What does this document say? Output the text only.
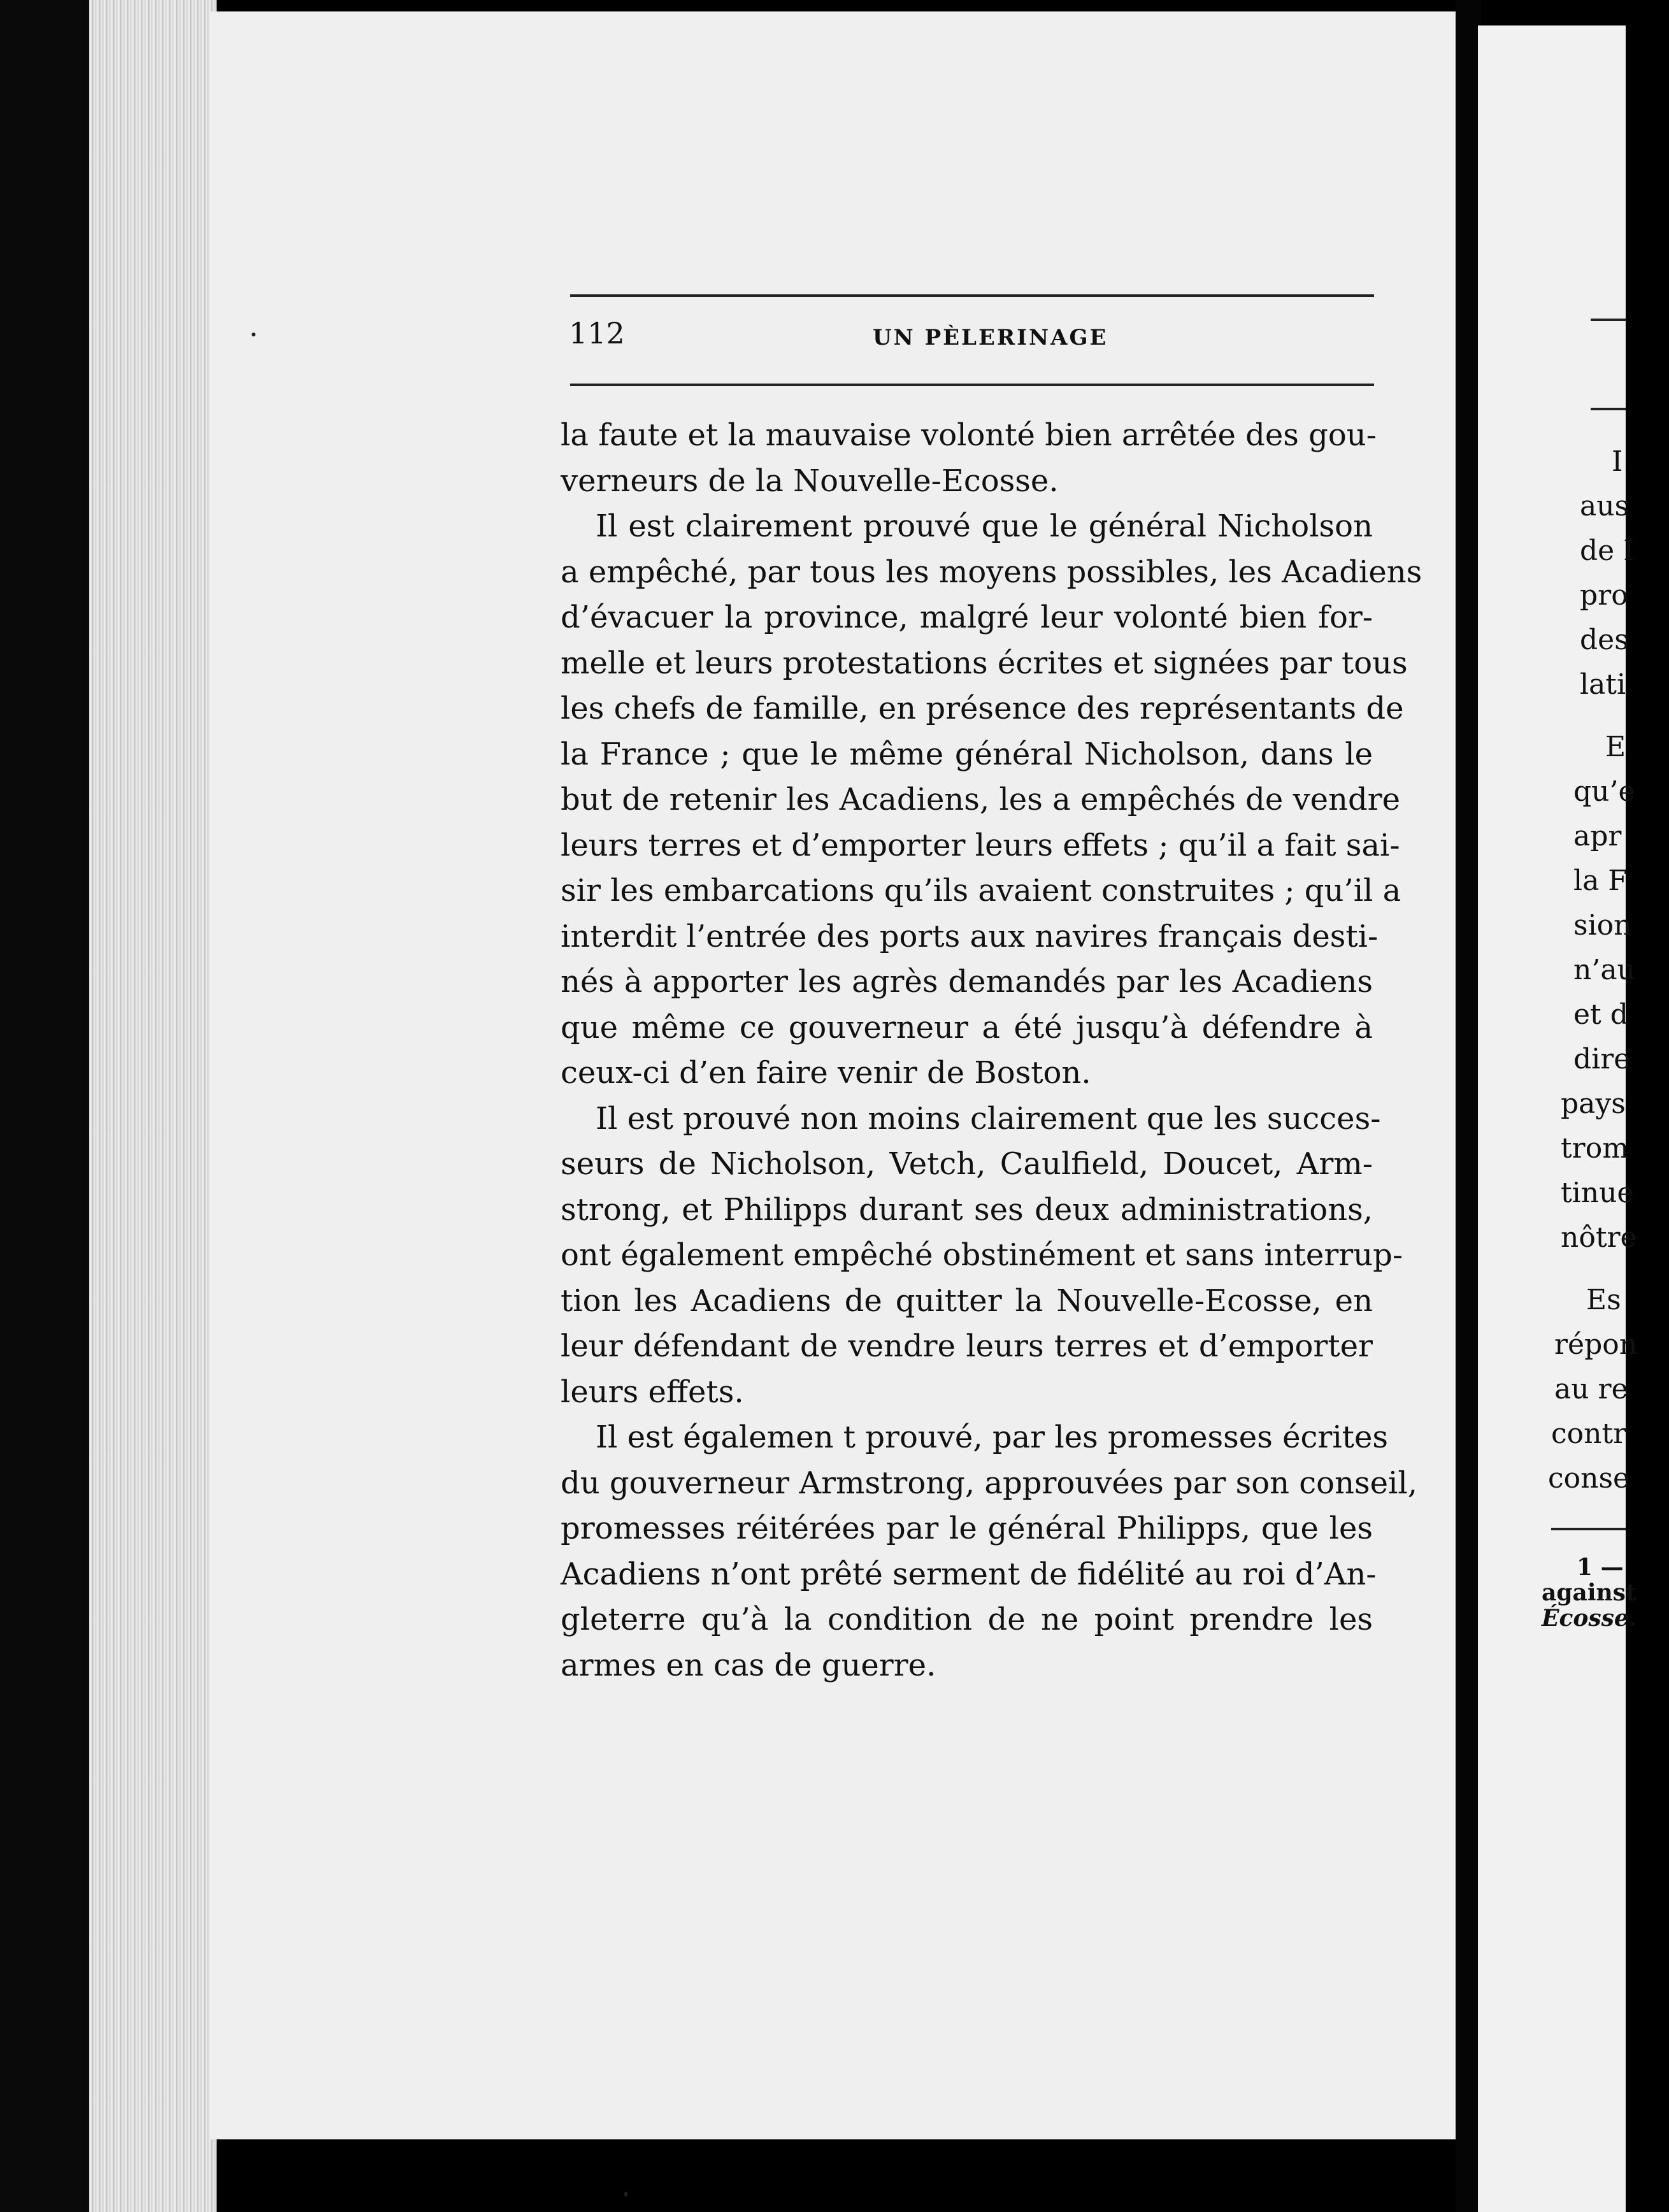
112	UN PÈLERINAGE
la faute et la mauvaise volonté bien arrêtée des gou-
verneurs de la Nouvelle-Ecosse.
Il est clairement prouvé que le général Nicholson
a empêché, par tous les moyens possibles, les Acadiens
d’évacuer la province, malgré leur volonté bien for-
melle et leurs protestations écrites et signées par tous
les chefs de famille, en présence des représentants de
la France ; que le même général Nicholson, dans le
but de retenir les Acadiens, les a empêchés de vendre
leurs terres et d’emporter leurs effets ; qu’il a fait sai-
sir les embarcations qu’ils avaient construites ; qu’il a
interdit l’entrée des ports aux navires français desti-
nés à apporter les agrès demandés par les Acadiens
que même ce gouverneur a été jusqu’à défendre à
ceux-ci d’en faire venir de Boston.
Il est prouvé non moins clairement que les succes-
seurs de Nicholson, Vetch, Caulfield, Doucet, Arm-
strong, et Philipps durant ses deux administrations,
ont également empêché obstinément et sans interrup-
tion les Acadiens de quitter la Nouvelle-Ecosse, en
leur défendant de vendre leurs terres et d’emporter
leurs effets.
Il est égalemen t prouvé, par les promesses écrites
du gouverneur Armstrong, approuvées par son conseil,
promesses réitérées par le général Philipps, que les
Acadiens n’ont prêté serment de fidélité au roi d’An-
gleterre qu’à la condition de ne point prendre les
armes en cas de guerre.
I
aus
de I
pro
des
lati
E
qu’e
apr
la F
sion
n’au
et d
dire
pays
trom
tinue
nôtre
Es
répon
au re
contr
conse
1 —
against
Écosse.
